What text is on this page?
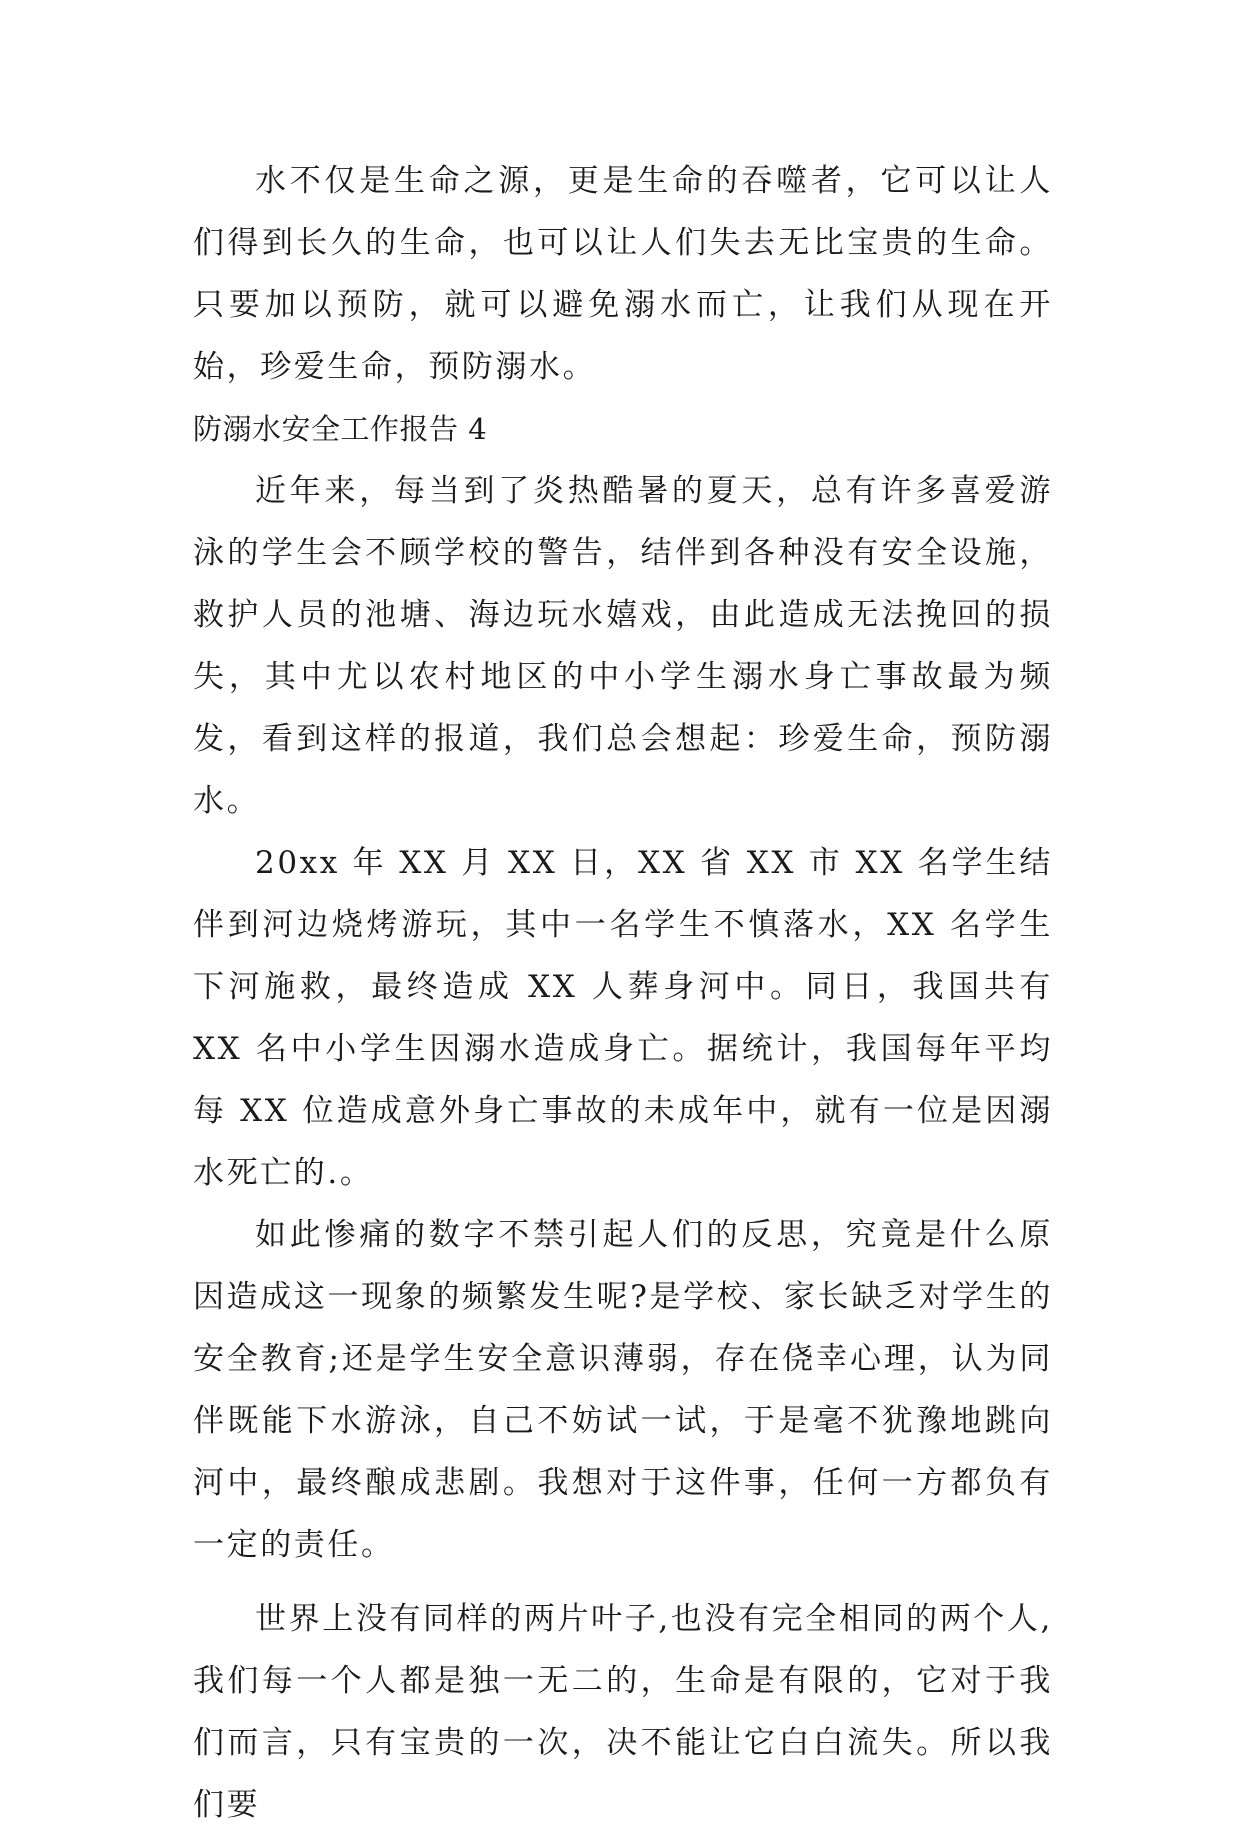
水不仅是生命之源，更是生命的吞噬者，它可以让人们得到长久的生命，也可以让人们失去无比宝贵的生命。只要加以预防，就可以避免溺水而亡，让我们从现在开始，珍爱生命，预防溺水。

防溺水安全工作报告 4

近年来，每当到了炎热酷暑的夏天，总有许多喜爱游泳的学生会不顾学校的警告，结伴到各种没有安全设施，救护人员的池塘、海边玩水嬉戏，由此造成无法挽回的损失，其中尤以农村地区的中小学生溺水身亡事故最为频发，看到这样的报道，我们总会想起：珍爱生命，预防溺水。

20xx 年 XX 月 XX 日，XX 省 XX 市 XX 名学生结伴到河边烧烤游玩，其中一名学生不慎落水，XX 名学生下河施救，最终造成 XX 人葬身河中。同日，我国共有 XX 名中小学生因溺水造成身亡。据统计，我国每年平均每 XX 位造成意外身亡事故的未成年中，就有一位是因溺水死亡的.。

如此惨痛的数字不禁引起人们的反思，究竟是什么原因造成这一现象的频繁发生呢?是学校、家长缺乏对学生的安全教育;还是学生安全意识薄弱，存在侥幸心理，认为同伴既能下水游泳，自己不妨试一试，于是毫不犹豫地跳向河中，最终酿成悲剧。我想对于这件事，任何一方都负有一定的责任。

世界上没有同样的两片叶子,也没有完全相同的两个人,我们每一个人都是独一无二的，生命是有限的，它对于我们而言，只有宝贵的一次，决不能让它白白流失。所以我们要
